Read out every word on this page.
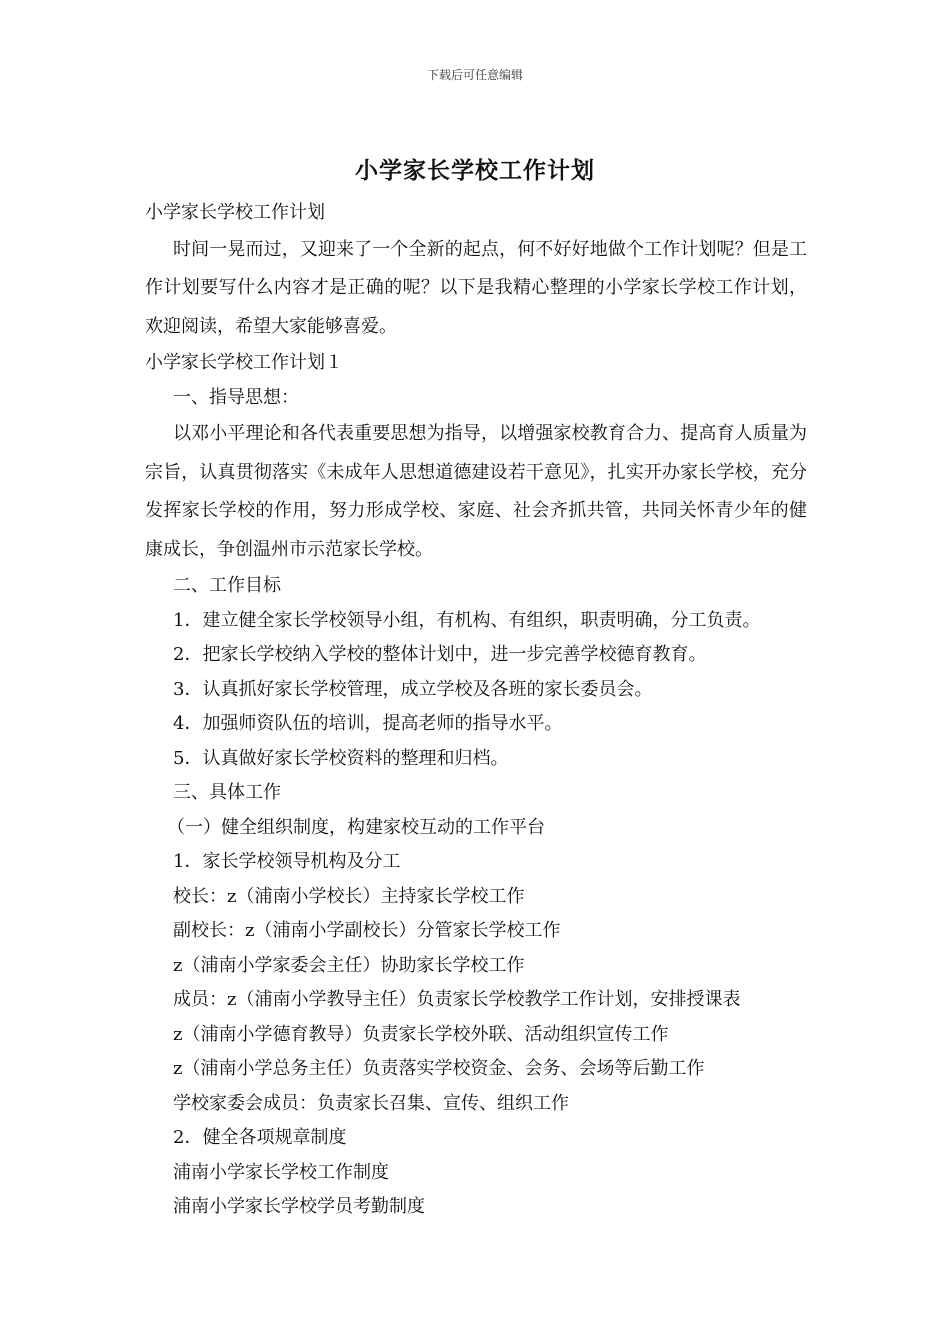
下载后可任意编辑
小学家长学校工作计划

小学家长学校工作计划

时间一晃而过，又迎来了一个全新的起点，何不好好地做个工作计划呢？但是工作计划要写什么内容才是正确的呢？以下是我精心整理的小学家长学校工作计划，欢迎阅读，希望大家能够喜爱。

小学家长学校工作计划１

一、指导思想：

以邓小平理论和各代表重要思想为指导，以增强家校教育合力、提高育人质量为宗旨，认真贯彻落实《未成年人思想道德建设若干意见》，扎实开办家长学校，充分发挥家长学校的作用，努力形成学校、家庭、社会齐抓共管，共同关怀青少年的健康成长，争创温州市示范家长学校。

二、工作目标

1．建立健全家长学校领导小组，有机构、有组织，职责明确，分工负责。

2．把家长学校纳入学校的整体计划中，进一步完善学校德育教育。

3．认真抓好家长学校管理，成立学校及各班的家长委员会。

4．加强师资队伍的培训，提高老师的指导水平。

5．认真做好家长学校资料的整理和归档。

三、具体工作

（一）健全组织制度，构建家校互动的工作平台

1．家长学校领导机构及分工

校长：z（浦南小学校长）主持家长学校工作

副校长：z（浦南小学副校长）分管家长学校工作

z（浦南小学家委会主任）协助家长学校工作

成员：z（浦南小学教导主任）负责家长学校教学工作计划，安排授课表

z（浦南小学德育教导）负责家长学校外联、活动组织宣传工作

z（浦南小学总务主任）负责落实学校资金、会务、会场等后勤工作

学校家委会成员：负责家长召集、宣传、组织工作

2．健全各项规章制度

浦南小学家长学校工作制度

浦南小学家长学校学员考勤制度
